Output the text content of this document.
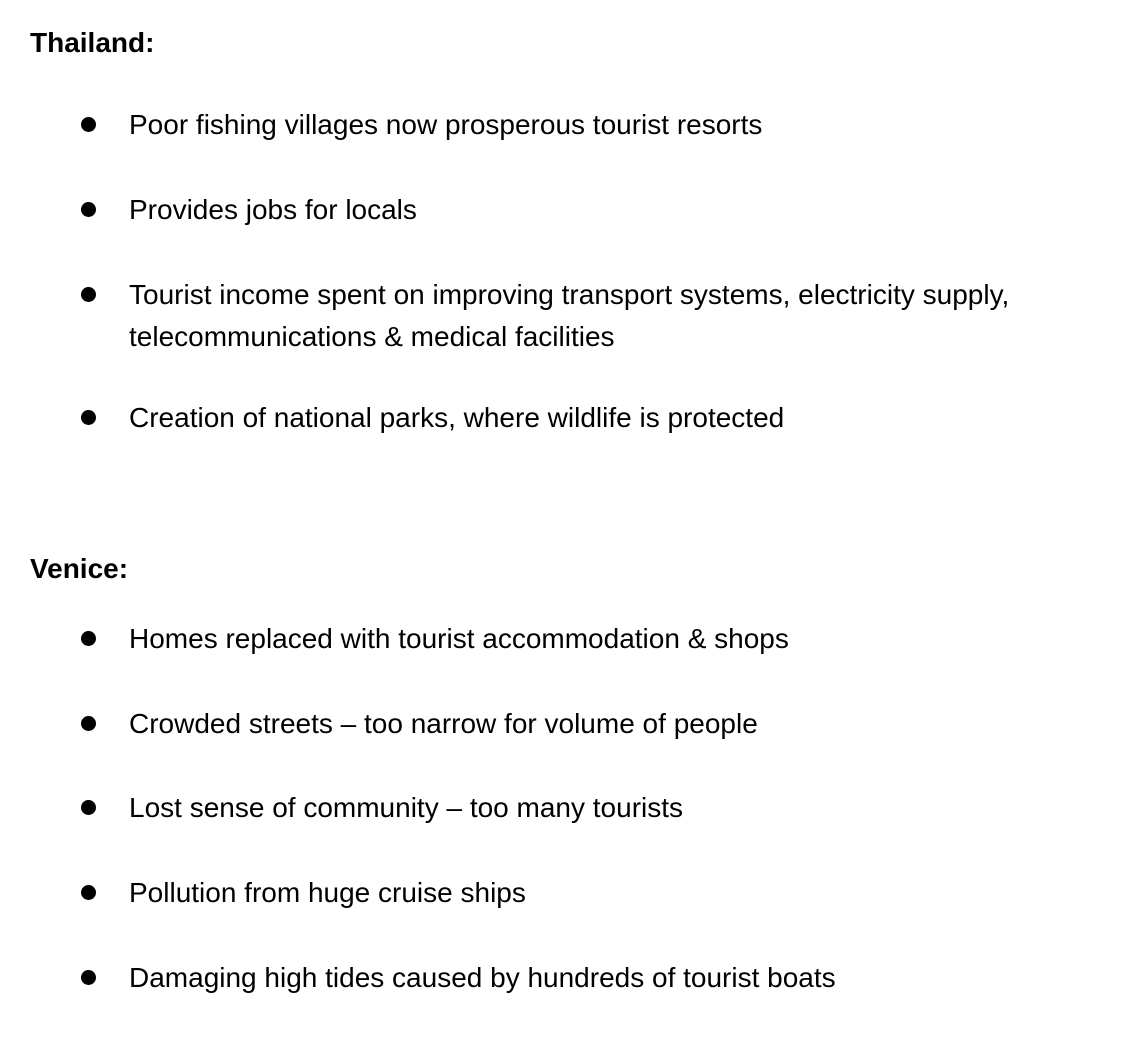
Thailand:
Poor fishing villages now prosperous tourist resorts
Provides jobs for locals
Tourist income spent on improving transport systems, electricity supply, telecommunications & medical facilities
Creation of national parks, where wildlife is protected
Venice:
Homes replaced with tourist accommodation & shops
Crowded streets – too narrow for volume of people
Lost sense of community – too many tourists
Pollution from huge cruise ships
Damaging high tides caused by hundreds of tourist boats
